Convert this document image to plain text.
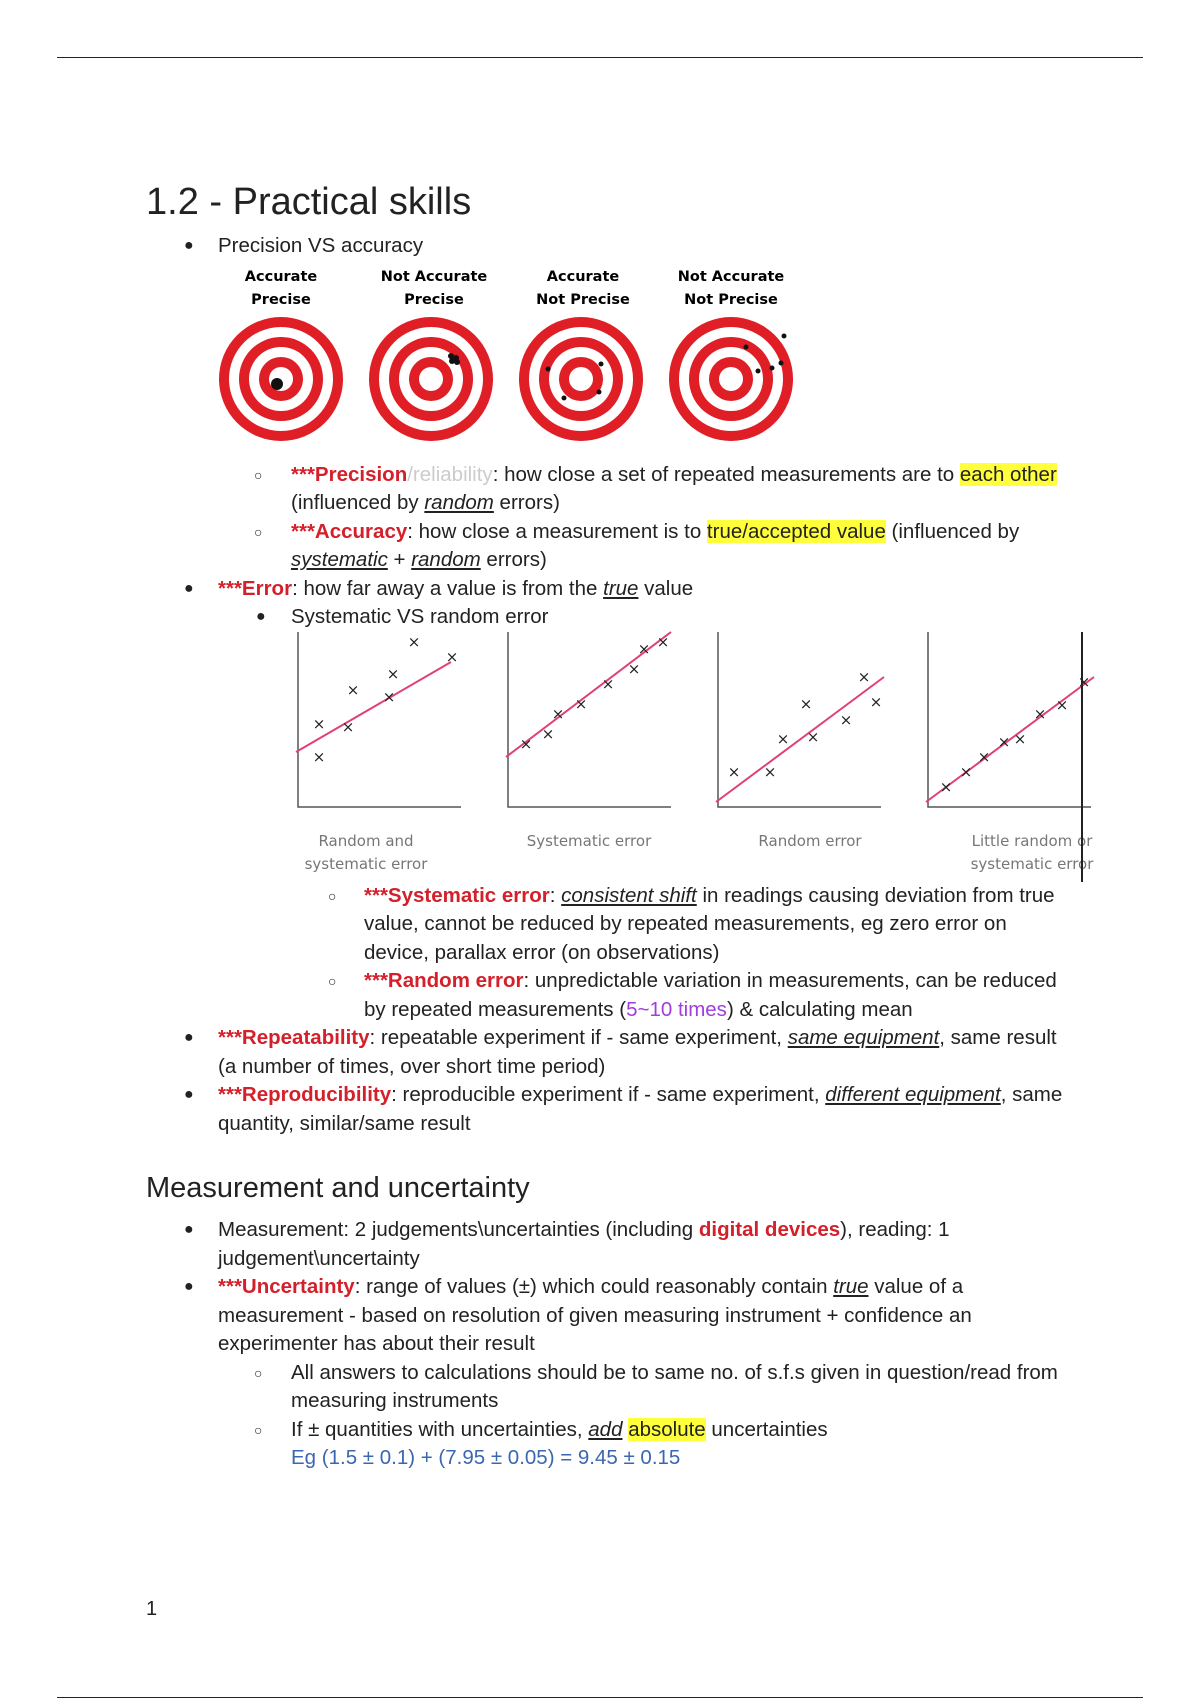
1.2 - Practical skills
● Precision VS accuracy
Accurate
Precise
Not Accurate
Precise
Accurate
Not Precise
Not Accurate
Not Precise
○ ***Precision/reliability: how close a set of repeated measurements are to each other (influenced by random errors)
○ ***Accuracy: how close a measurement is to true/accepted value (influenced by systematic + random errors)
● ***Error: how far away a value is from the true value
● Systematic VS random error
×
×
×
×
×
×
×
×
×
×
×
×
×
×
× ×
× ×
×
×
×
×
×
×
×
×
×
× ×
× ×
×
Random and
systematic error
Systematic error	Random error	Little random or
systematic error
○ ***Systematic error: consistent shift in readings causing deviation from true value, cannot be reduced by repeated measurements, eg zero error on device, parallax error (on observations)
○ ***Random error: unpredictable variation in measurements, can be reduced by repeated measurements (5~10 times) & calculating mean
● ***Repeatability: repeatable experiment if - same experiment, same equipment, same result (a number of times, over short time period)
● ***Reproducibility: reproducible experiment if - same experiment, different equipment, same quantity, similar/same result
Measurement and uncertainty
● Measurement: 2 judgements\uncertainties (including digital devices), reading: 1 judgement\uncertainty
● ***Uncertainty: range of values (±) which could reasonably contain true value of a measurement - based on resolution of given measuring instrument + confidence an experimenter has about their result
○ All answers to calculations should be to same no. of s.f.s given in question/read from measuring instruments
○ If ± quantities with uncertainties, add absolute uncertainties
Eg (1.5 ± 0.1) + (7.95 ± 0.05) = 9.45 ± 0.15
1
